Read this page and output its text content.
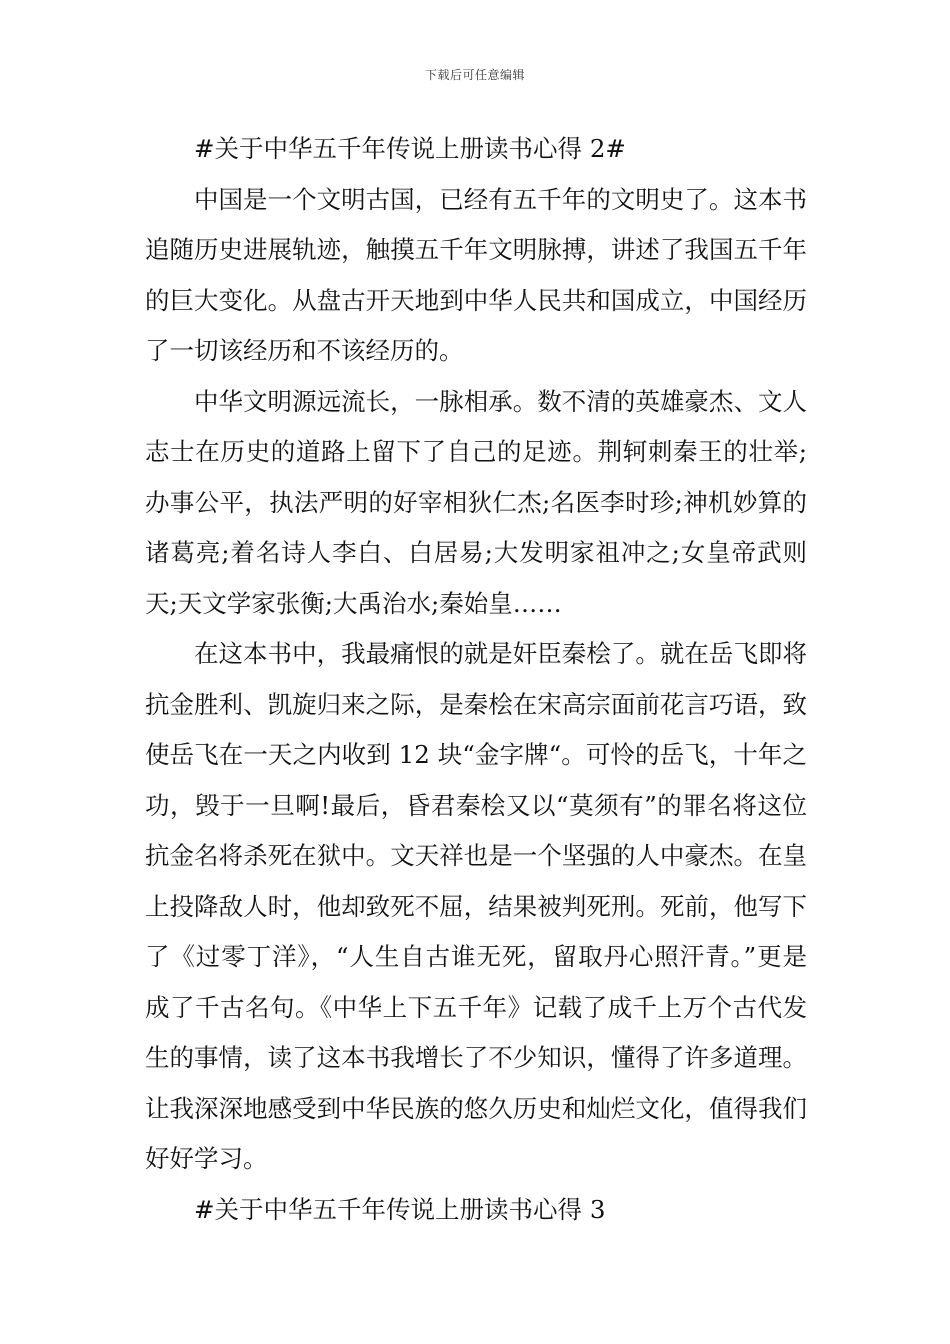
下载后可任意编辑

#关于中华五千年传说上册读书心得 2#

中国是一个文明古国，已经有五千年的文明史了。这本书追随历史进展轨迹，触摸五千年文明脉搏，讲述了我国五千年的巨大变化。从盘古开天地到中华人民共和国成立，中国经历了一切该经历和不该经历的。

中华文明源远流长，一脉相承。数不清的英雄豪杰、文人志士在历史的道路上留下了自己的足迹。荆轲刺秦王的壮举;办事公平，执法严明的好宰相狄仁杰;名医李时珍;神机妙算的诸葛亮;着名诗人李白、白居易;大发明家祖冲之;女皇帝武则天;天文学家张衡;大禹治水;秦始皇……

在这本书中，我最痛恨的就是奸臣秦桧了。就在岳飞即将抗金胜利、凯旋归来之际，是秦桧在宋高宗面前花言巧语，致使岳飞在一天之内收到 12 块“金字牌“。可怜的岳飞，十年之功，毁于一旦啊!最后，昏君秦桧又以“莫须有”的罪名将这位抗金名将杀死在狱中。文天祥也是一个坚强的人中豪杰。在皇上投降敌人时，他却致死不屈，结果被判死刑。死前，他写下了《过零丁洋》，“人生自古谁无死，留取丹心照汗青。”更是成了千古名句。《中华上下五千年》记载了成千上万个古代发生的事情，读了这本书我增长了不少知识，懂得了许多道理。让我深深地感受到中华民族的悠久历史和灿烂文化，值得我们好好学习。

#关于中华五千年传说上册读书心得 3
